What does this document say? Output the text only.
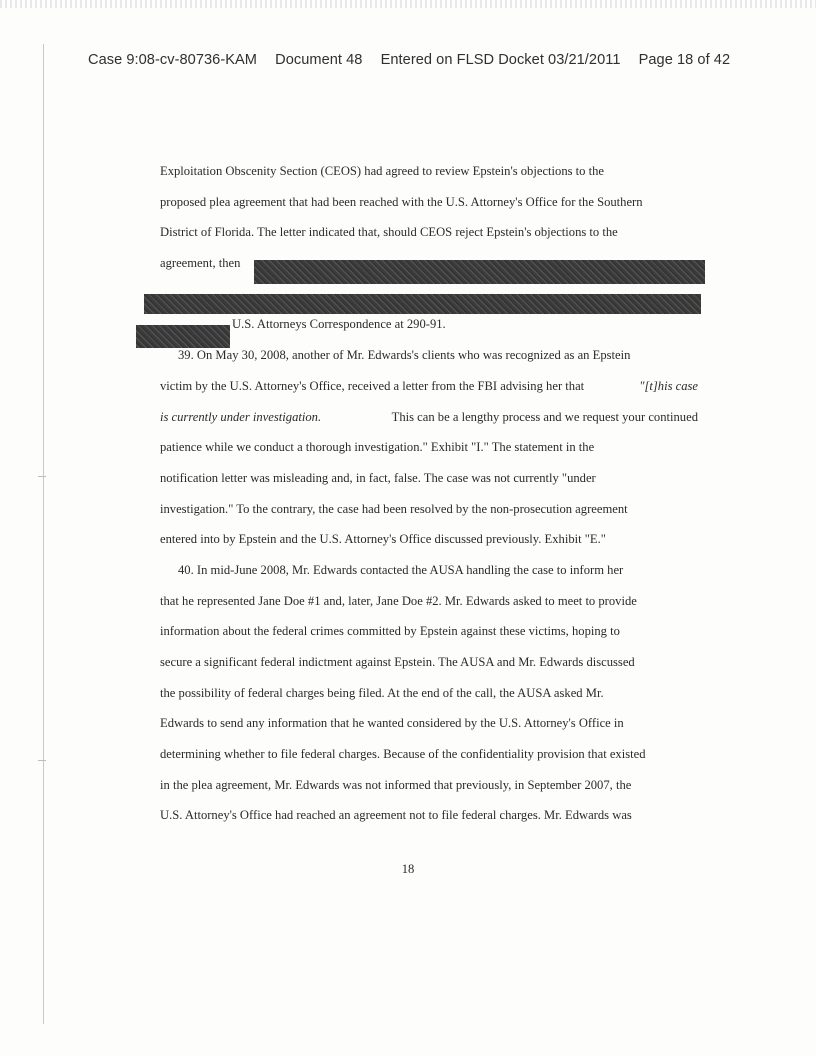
Case 9:08-cv-80736-KAM Document 48 Entered on FLSD Docket 03/21/2011 Page 18 of 42
Exploitation Obscenity Section (CEOS) had agreed to review Epstein's objections to the
proposed plea agreement that had been reached with the U.S. Attorney's Office for the Southern
District of Florida. The letter indicated that, should CEOS reject Epstein's objections to the
agreement, then
U.S. Attorneys Correspondence at 290-91.
39. On May 30, 2008, another of Mr. Edwards's clients who was recognized as an Epstein
victim by the U.S. Attorney's Office, received a letter from the FBI advising her that	"[t]his case
is currently under investigation.	This can be a lengthy process and we request your continued
patience while we conduct a thorough investigation." Exhibit "I." The statement in the
notification letter was misleading and, in fact, false. The case was not currently "under
investigation." To the contrary, the case had been resolved by the non-prosecution agreement
entered into by Epstein and the U.S. Attorney's Office discussed previously. Exhibit "E."
40. In mid-June 2008, Mr. Edwards contacted the AUSA handling the case to inform her
that he represented Jane Doe #1 and, later, Jane Doe #2. Mr. Edwards asked to meet to provide
information about the federal crimes committed by Epstein against these victims, hoping to
secure a significant federal indictment against Epstein. The AUSA and Mr. Edwards discussed
the possibility of federal charges being filed. At the end of the call, the AUSA asked Mr.
Edwards to send any information that he wanted considered by the U.S. Attorney's Office in
determining whether to file federal charges. Because of the confidentiality provision that existed
in the plea agreement, Mr. Edwards was not informed that previously, in September 2007, the
U.S. Attorney's Office had reached an agreement not to file federal charges. Mr. Edwards was
18
